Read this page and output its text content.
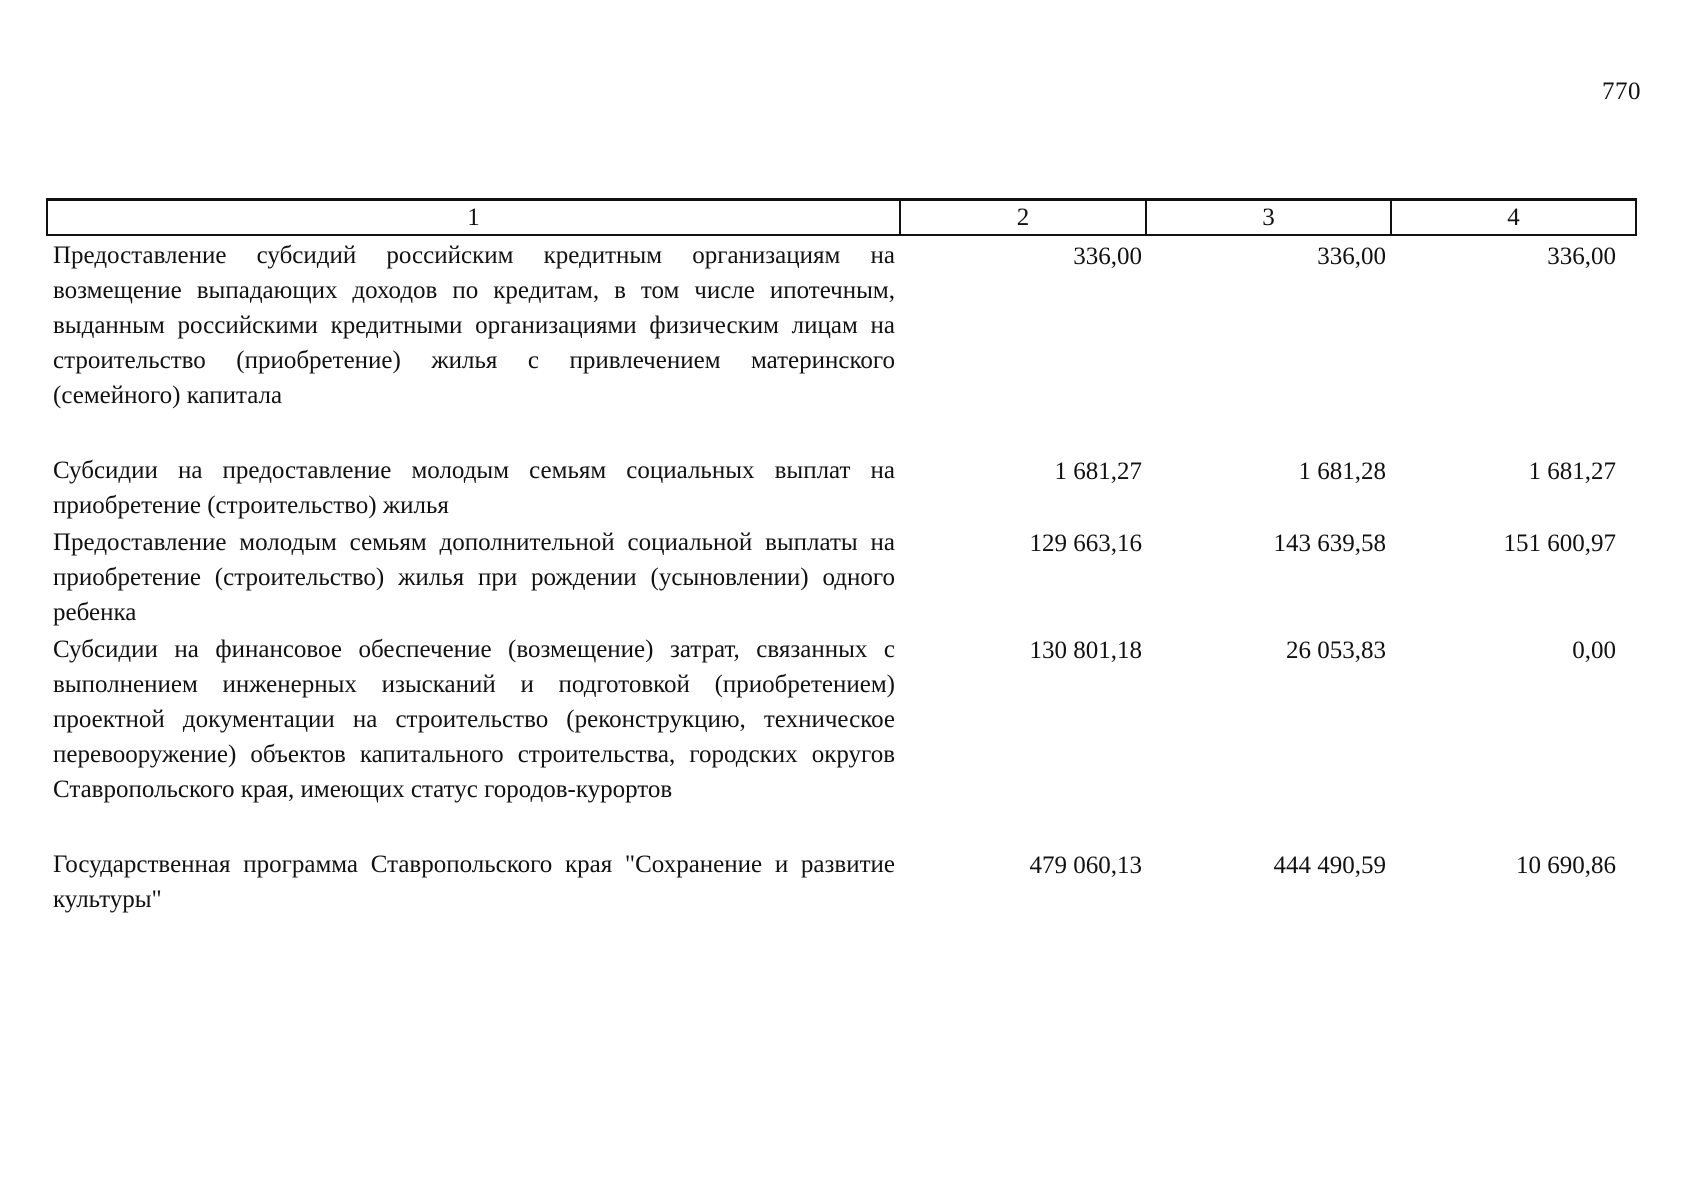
770
1	2	3	4
Предоставление субсидий российским кредитным организациям на возмещение выпадающих доходов по кредитам, в том числе ипотечным, выданным российскими кредитными организациями физическим лицам на строительство (приобретение) жилья с привлечением материнского (семейного) капитала	336,00	336,00	336,00
Субсидии на предоставление молодым семьям социальных выплат на приобретение (строительство) жилья	1 681,27	1 681,28	1 681,27
Предоставление молодым семьям дополнительной социальной выплаты на приобретение (строительство) жилья при рождении (усыновлении) одного ребенка	129 663,16	143 639,58	151 600,97
Субсидии на финансовое обеспечение (возмещение) затрат, связанных с выполнением инженерных изысканий и подготовкой (приобретением) проектной документации на строительство (реконструкцию, техническое перевооружение) объектов капитального строительства, городских округов Ставропольского края, имеющих статус городов-курортов	130 801,18	26 053,83	0,00
Государственная программа Ставропольского края "Сохранение и развитие культуры"	479 060,13	444 490,59	10 690,86
